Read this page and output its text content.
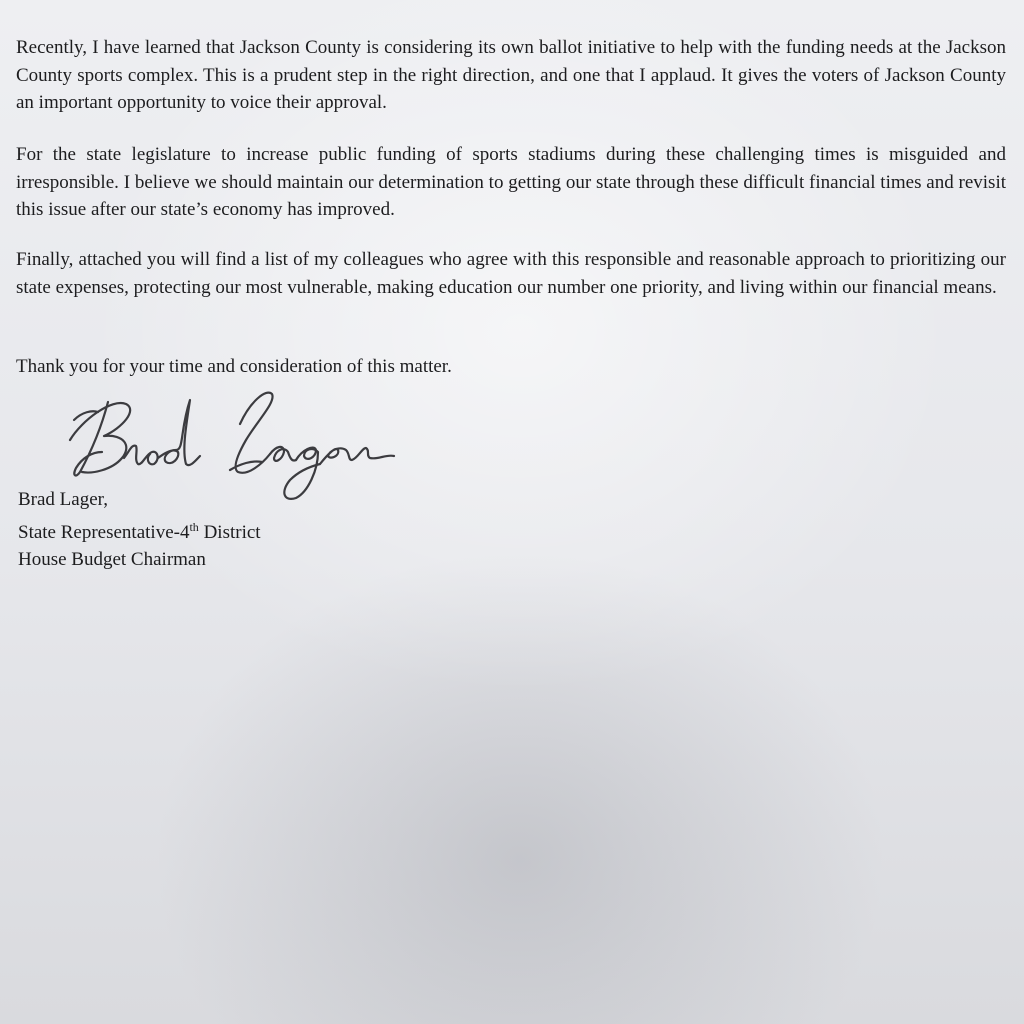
Recently, I have learned that Jackson County is considering its own ballot initiative to help with the funding needs at the Jackson County sports complex. This is a prudent step in the right direction, and one that I applaud. It gives the voters of Jackson County an important opportunity to voice their approval.

For the state legislature to increase public funding of sports stadiums during these challenging times is misguided and irresponsible. I believe we should maintain our determination to getting our state through these difficult financial times and revisit this issue after our state’s economy has improved.

Finally, attached you will find a list of my colleagues who agree with this responsible and reasonable approach to prioritizing our state expenses, protecting our most vulnerable, making education our number one priority, and living within our financial means.

Thank you for your time and consideration of this matter.

Brad Lager,
State Representative-4th District
House Budget Chairman
